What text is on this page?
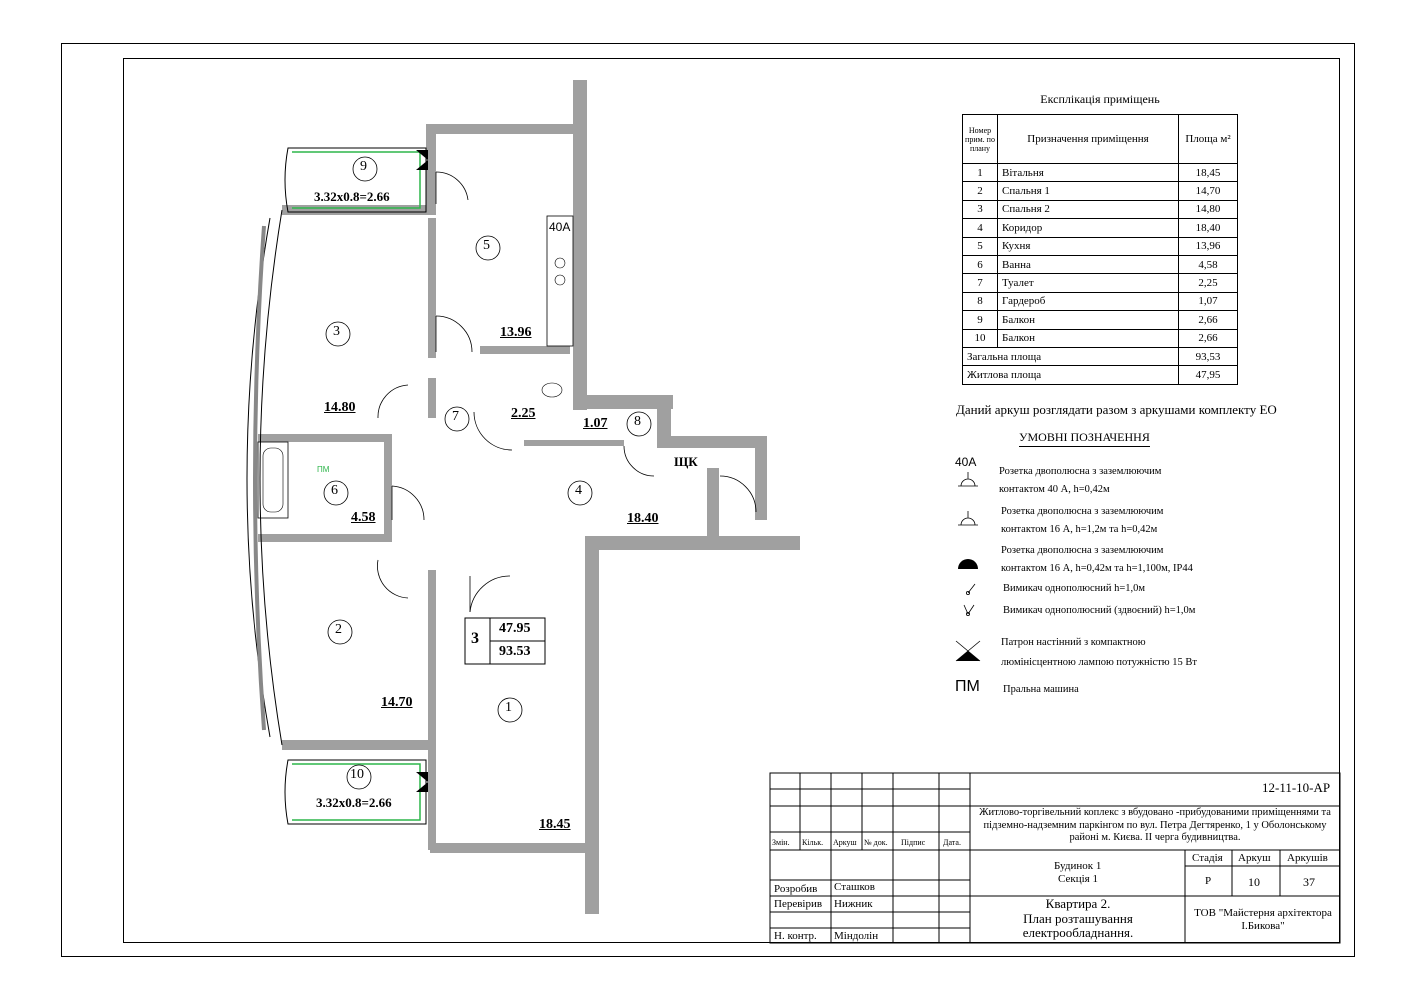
1
2
3
4
5
6
7	8
9
10
18.45
14.70
14.80
18.40
13.96
4.58
2.25
1.07
3.32x0.8=2.66
3.32x0.8=2.66
40А
ЩК
ПМ
3
47.95
93.53
Експлікація приміщень
Номер прим. по плану	Призначення приміщення	Площа м²
1	Вітальня	18,45
2	Спальня 1	14,70
3	Спальня 2	14,80
4	Коридор	18,40
5	Кухня	13,96
6	Ванна	4,58
7	Туалет	2,25
8	Гардероб	1,07
9	Балкон	2,66
10	Балкон	2,66
Загальна площа		93,53
Житлова площа		47,95
Даний аркуш розглядати разом з аркушами комплекту ЕО
УМОВНІ ПОЗНАЧЕННЯ
40А
Розетка двополюсна з заземлюючим
контактом 40 А, h=0,42м
Розетка двополюсна з заземлюючим
контактом 16 А, h=1,2м та h=0,42м
Розетка двополюсна з заземлюючим
контактом 16 А, h=0,42м та h=1,100м, IP44
Вимикач однополюсний h=1,0м
Вимикач однополюсний (здвоєний) h=1,0м
Патрон настінний з компактною
люмінісцентною лампою потужністю 15 Вт
ПМ Пральна машина
12-11-10-АР
Житлово-торгівельний коплекс з вбудовано -прибудованими приміщеннями та підземно-надземним паркінгом по вул. Петра Дегтяренко, 1 у Оболонському районі м. Києва. ІІ черга будивництва.
Змін. Кільк. Аркуш № док. Підпис Дата.
Будинок 1
Секція 1
Стадія Аркуш Аркушів
Р	10	37
Розробив Сташков
Перевірив Нижник
Н. контр. Міндолін
Квартира 2.
План розташування
електрообладнання.
ТОВ "Майстерня архітектора І.Бикова"
